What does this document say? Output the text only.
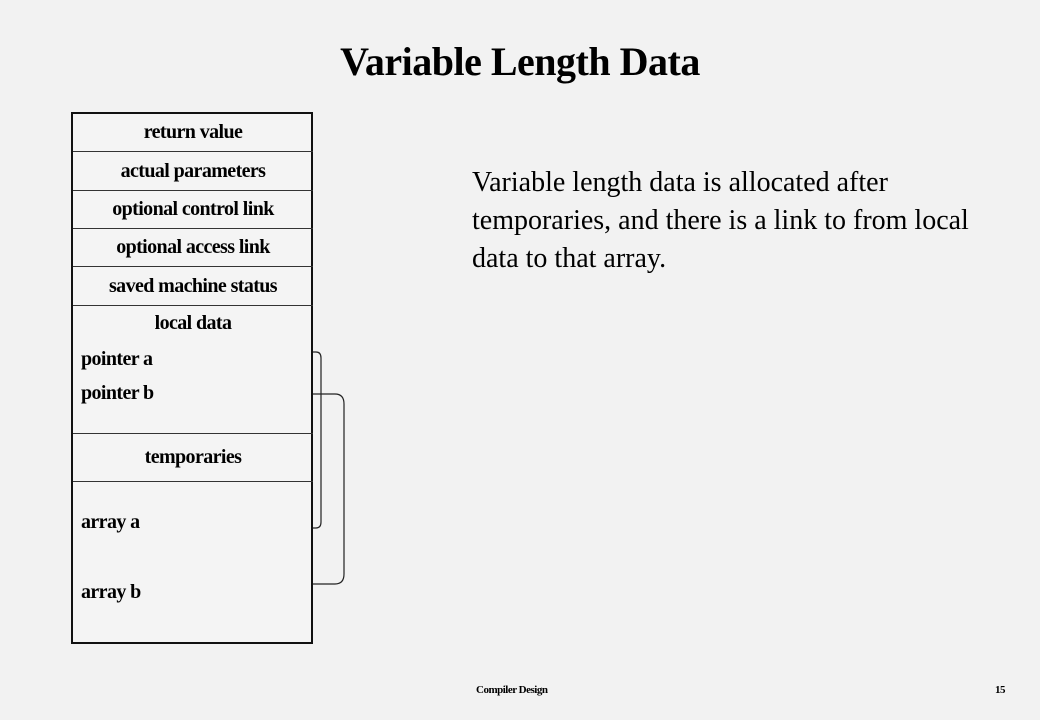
Variable Length Data
return value
actual parameters
optional control link
optional access link
saved machine status
local data
pointer a
pointer b
temporaries
array a
array b
Variable length data is allocated after temporaries, and there is a link to from local data to that array.
Compiler Design	15
